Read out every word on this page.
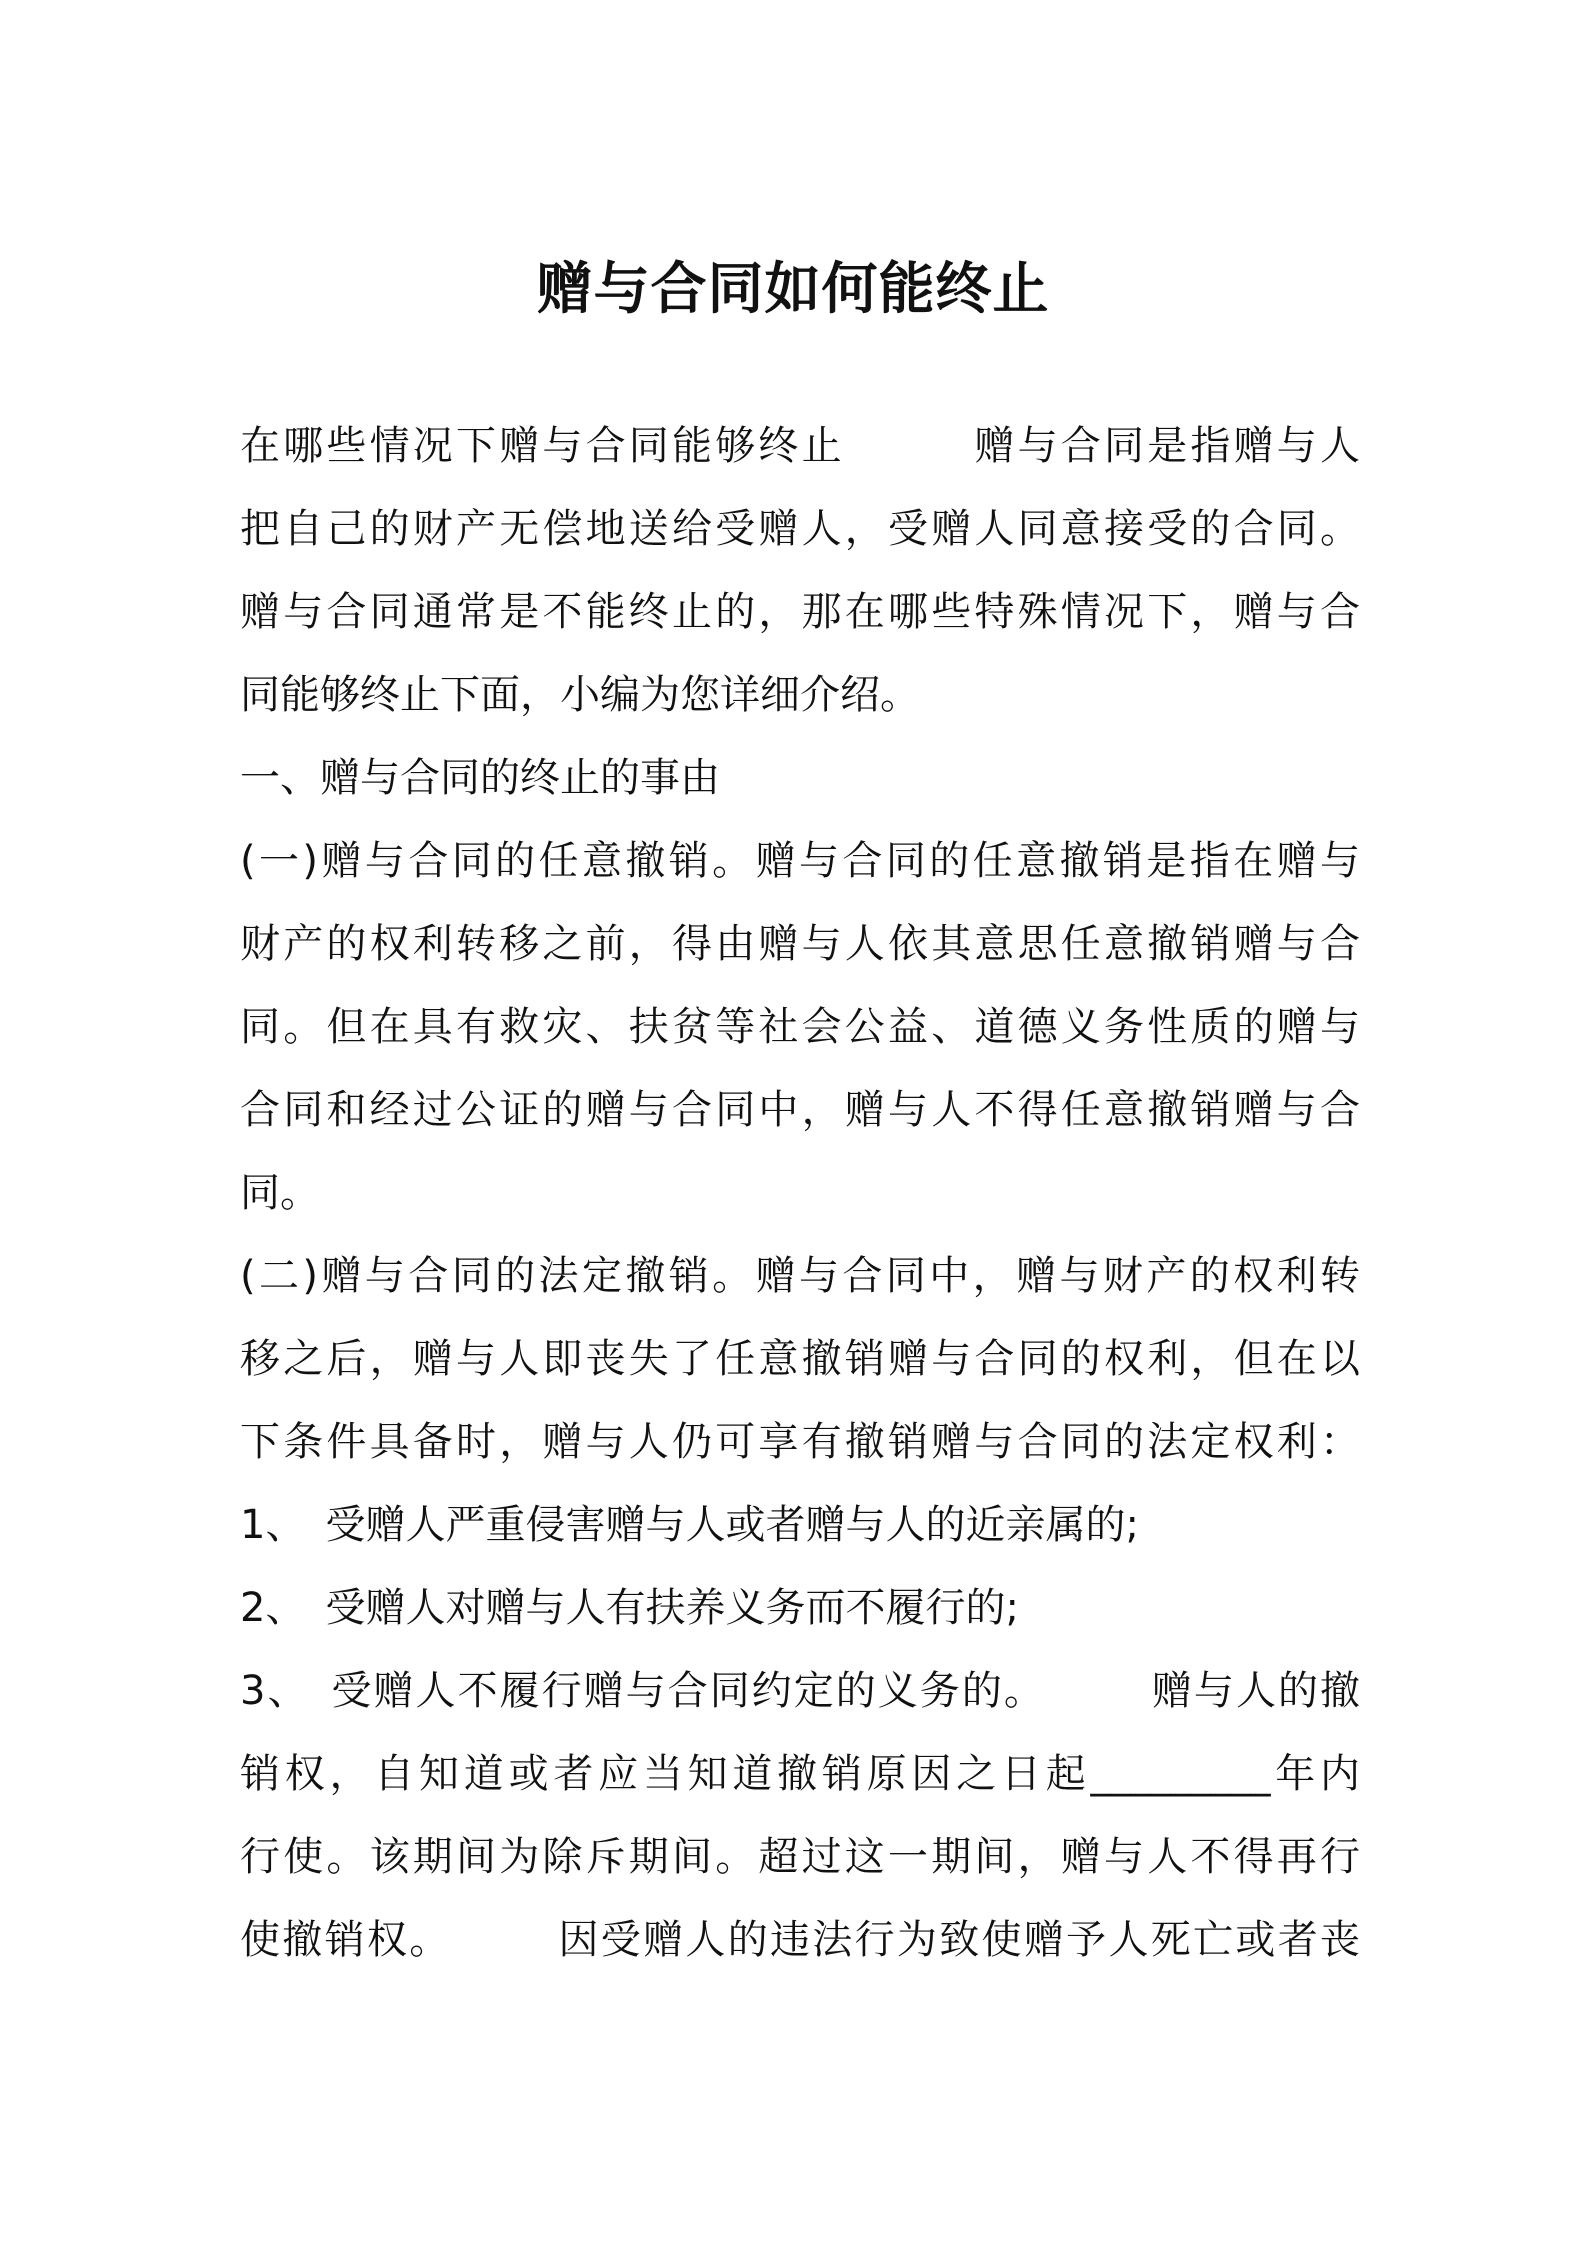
赠与合同如何能终止
在哪些情况下赠与合同能够终止　　　赠与合同是指赠与人
把自己的财产无偿地送给受赠人，受赠人同意接受的合同。
赠与合同通常是不能终止的，那在哪些特殊情况下，赠与合
同能够终止下面，小编为您详细介绍。
一、赠与合同的终止的事由
(一)赠与合同的任意撤销。赠与合同的任意撤销是指在赠与
财产的权利转移之前，得由赠与人依其意思任意撤销赠与合
同。但在具有救灾、扶贫等社会公益、道德义务性质的赠与
合同和经过公证的赠与合同中，赠与人不得任意撤销赠与合
同。
(二)赠与合同的法定撤销。赠与合同中，赠与财产的权利转
移之后，赠与人即丧失了任意撤销赠与合同的权利，但在以
下条件具备时，赠与人仍可享有撤销赠与合同的法定权利：
1、　受赠人严重侵害赠与人或者赠与人的近亲属的;
2、　受赠人对赠与人有扶养义务而不履行的;
3、　受赠人不履行赠与合同约定的义务的。　　　赠与人的撤
销权，自知道或者应当知道撤销原因之日起_________年内
行使。该期间为除斥期间。超过这一期间，赠与人不得再行
使撤销权。　　　因受赠人的违法行为致使赠予人死亡或者丧
